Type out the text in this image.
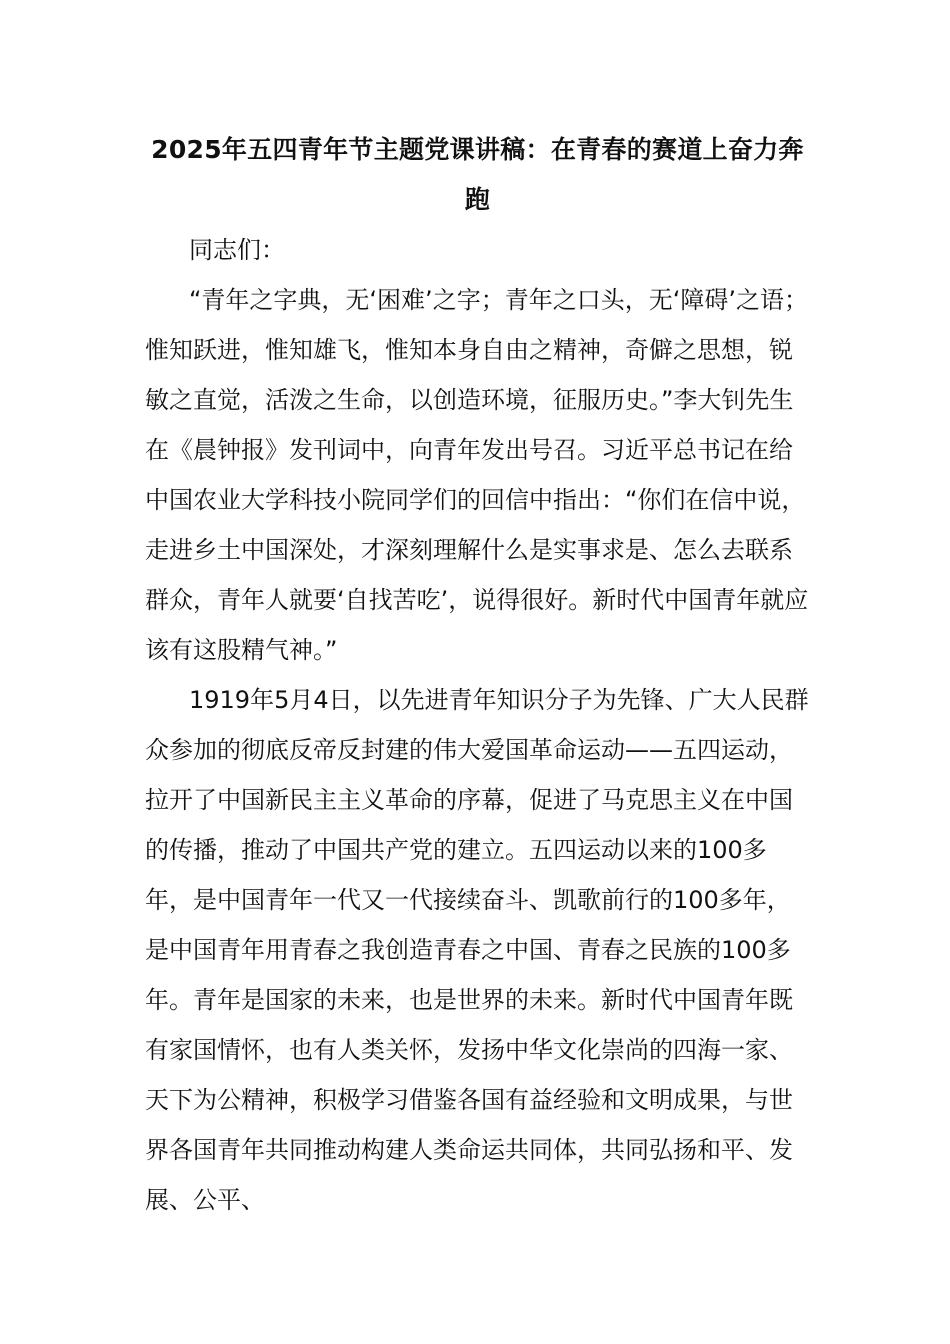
2025年五四青年节主题党课讲稿：在青春的赛道上奋力奔跑

同志们：

“青年之字典，无‘困难’之字；青年之口头，无‘障碍’之语；惟知跃进，惟知雄飞，惟知本身自由之精神，奇僻之思想，锐敏之直觉，活泼之生命，以创造环境，征服历史。”李大钊先生在《晨钟报》发刊词中，向青年发出号召。习近平总书记在给中国农业大学科技小院同学们的回信中指出：“你们在信中说，走进乡土中国深处，才深刻理解什么是实事求是、怎么去联系群众，青年人就要‘自找苦吃’，说得很好。新时代中国青年就应该有这股精气神。”

1919年5月4日，以先进青年知识分子为先锋、广大人民群众参加的彻底反帝反封建的伟大爱国革命运动——五四运动，拉开了中国新民主主义革命的序幕，促进了马克思主义在中国的传播，推动了中国共产党的建立。五四运动以来的100多年，是中国青年一代又一代接续奋斗、凯歌前行的100多年，是中国青年用青春之我创造青春之中国、青春之民族的100多年。青年是国家的未来，也是世界的未来。新时代中国青年既有家国情怀，也有人类关怀，发扬中华文化崇尚的四海一家、天下为公精神，积极学习借鉴各国有益经验和文明成果，与世界各国青年共同推动构建人类命运共同体，共同弘扬和平、发展、公平、
